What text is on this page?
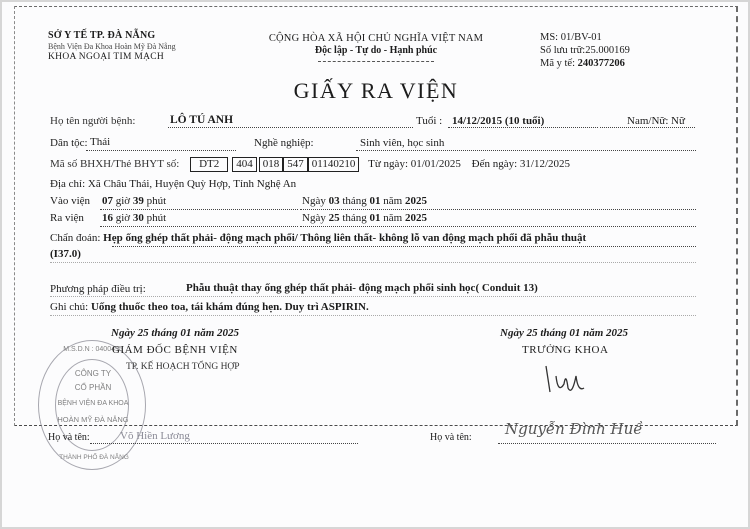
SỞ Y TẾ TP. ĐÀ NẴNG
Bệnh Viện Đa Khoa Hoàn Mỹ Đà Nẵng
KHOA NGOẠI TIM MẠCH
CỘNG HÒA XÃ HỘI CHỦ NGHĨA VIỆT NAM
Độc lập - Tự do - Hạnh phúc
MS: 01/BV-01
Số lưu trữ:25.000169
Mã y tế: 240377206
GIẤY RA VIỆN
Họ tên người bệnh:	LÔ TÚ ANH	Tuổi : 14/12/2015 (10 tuổi)	Nam/Nữ: Nữ
Dân tộc: Thái	Nghề nghiệp:	Sinh viên, học sinh
Mã số BHXH/Thẻ BHYT số:	DT2	404 018 547 01140210	Từ ngày: 01/01/2025 Đến ngày: 31/12/2025
Địa chỉ: Xã Châu Thái, Huyện Quỳ Hợp, Tỉnh Nghệ An
Vào viện 07 giờ 39 phút	Ngày 03 tháng 01 năm 2025
Ra viện 16 giờ 30 phút	Ngày 25 tháng 01 năm 2025
Chẩn đoán: Hẹp ống ghép thất phải- động mạch phổi/ Thông liên thất- không lỗ van động mạch phổi đã phẫu thuật
(I37.0)
Phương pháp điều trị:	Phẫu thuật thay ống ghép thất phải- động mạch phổi sinh học( Conduit 13)
Ghi chú: Uống thuốc theo toa, tái khám đúng hẹn. Duy trì ASPIRIN.
M.S.D.N : 0400495
CÔNG TY
CỔ PHẦN
BỆNH VIỆN ĐA KHOA
HOÀN MỸ ĐÀ NẴNG
THÀNH PHỐ ĐÀ NẴNG
Ngày 25 tháng 01 năm 2025
GIÁM ĐỐC BỆNH VIỆN
TP. KẾ HOẠCH TỔNG HỢP
Họ và tên:	Võ Hiền Lương
Ngày 25 tháng 01 năm 2025
TRƯỞNG KHOA
Họ và tên: Nguyễn Đình Huề
